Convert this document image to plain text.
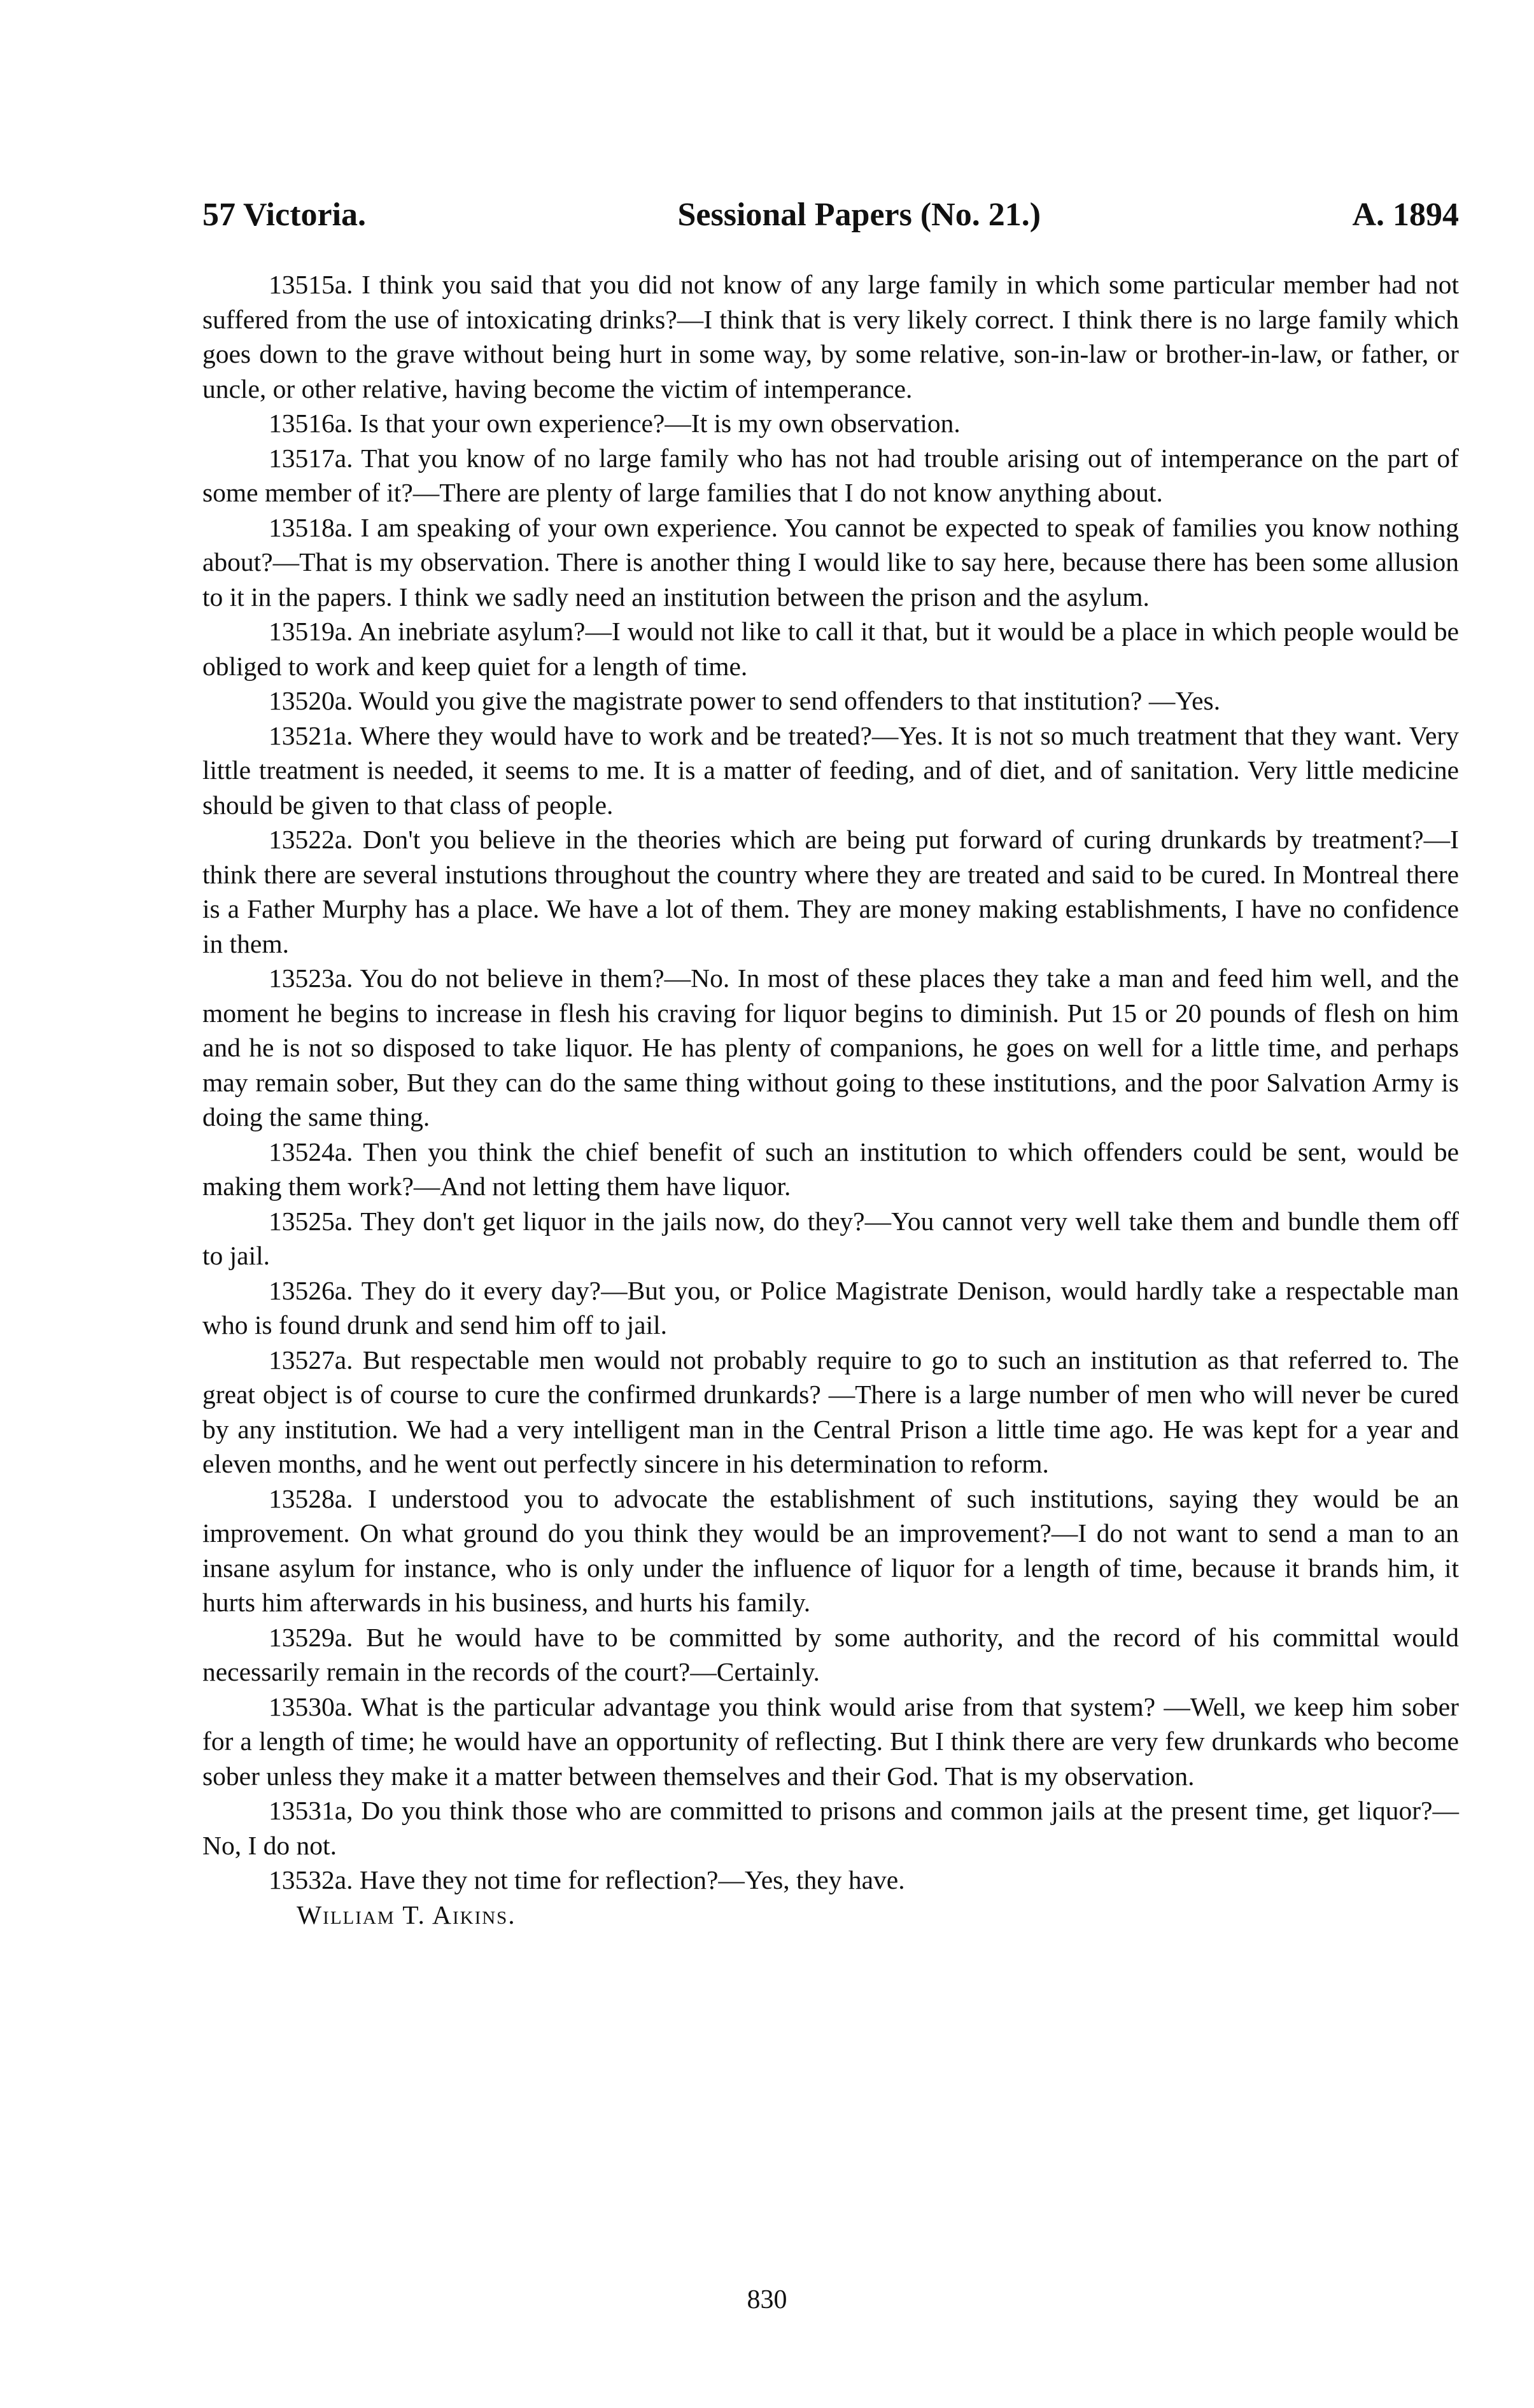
57 Victoria.	Sessional Papers (No. 21.)	A. 1894

13515a. I think you said that you did not know of any large family in which some particular member had not suffered from the use of intoxicating drinks?—I think that is very likely correct. I think there is no large family which goes down to the grave without being hurt in some way, by some relative, son-in-law or brother-in-law, or father, or uncle, or other relative, having become the victim of intemperance.

13516a. Is that your own experience?—It is my own observation.

13517a. That you know of no large family who has not had trouble arising out of intemperance on the part of some member of it?—There are plenty of large families that I do not know anything about.

13518a. I am speaking of your own experience. You cannot be expected to speak of families you know nothing about?—That is my observation. There is another thing I would like to say here, because there has been some allusion to it in the papers. I think we sadly need an institution between the prison and the asylum.

13519a. An inebriate asylum?—I would not like to call it that, but it would be a place in which people would be obliged to work and keep quiet for a length of time.

13520a. Would you give the magistrate power to send offenders to that institution? —Yes.

13521a. Where they would have to work and be treated?—Yes. It is not so much treatment that they want. Very little treatment is needed, it seems to me. It is a matter of feeding, and of diet, and of sanitation. Very little medicine should be given to that class of people.

13522a. Don't you believe in the theories which are being put forward of curing drunkards by treatment?—I think there are several instutions throughout the country where they are treated and said to be cured. In Montreal there is a Father Murphy has a place. We have a lot of them. They are money making establishments, I have no confidence in them.

13523a. You do not believe in them?—No. In most of these places they take a man and feed him well, and the moment he begins to increase in flesh his craving for liquor begins to diminish. Put 15 or 20 pounds of flesh on him and he is not so disposed to take liquor. He has plenty of companions, he goes on well for a little time, and perhaps may remain sober, But they can do the same thing without going to these institutions, and the poor Salvation Army is doing the same thing.

13524a. Then you think the chief benefit of such an institution to which offenders could be sent, would be making them work?—And not letting them have liquor.

13525a. They don't get liquor in the jails now, do they?—You cannot very well take them and bundle them off to jail.

13526a. They do it every day?—But you, or Police Magistrate Denison, would hardly take a respectable man who is found drunk and send him off to jail.

13527a. But respectable men would not probably require to go to such an institution as that referred to. The great object is of course to cure the confirmed drunkards? —There is a large number of men who will never be cured by any institution. We had a very intelligent man in the Central Prison a little time ago. He was kept for a year and eleven months, and he went out perfectly sincere in his determination to reform.

13528a. I understood you to advocate the establishment of such institutions, saying they would be an improvement. On what ground do you think they would be an improvement?—I do not want to send a man to an insane asylum for instance, who is only under the influence of liquor for a length of time, because it brands him, it hurts him afterwards in his business, and hurts his family.

13529a. But he would have to be committed by some authority, and the record of his committal would necessarily remain in the records of the court?—Certainly.

13530a. What is the particular advantage you think would arise from that system? —Well, we keep him sober for a length of time; he would have an opportunity of reflecting. But I think there are very few drunkards who become sober unless they make it a matter between themselves and their God. That is my observation.

13531a, Do you think those who are committed to prisons and common jails at the present time, get liquor?—No, I do not.

13532a. Have they not time for reflection?—Yes, they have.

William T. Aikins.

830
